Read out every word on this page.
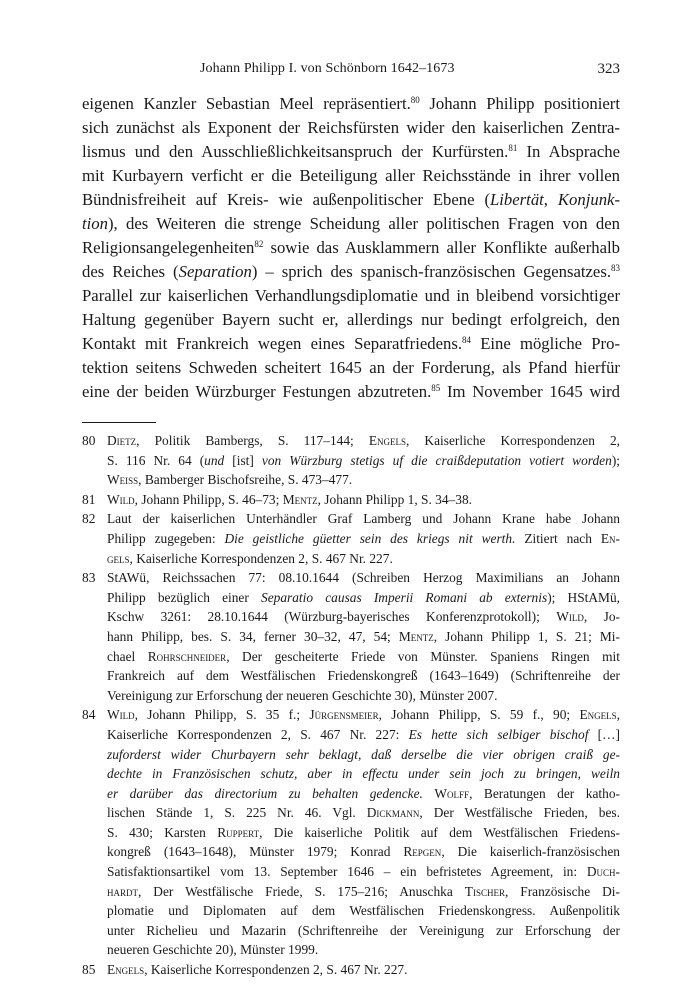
Johann Philipp I. von Schönborn 1642–1673	323
eigenen Kanzler Sebastian Meel repräsentiert.$^{80}$ Johann Philipp positioniert
sich zunächst als Exponent der Reichsfürsten wider den kaiserlichen Zentra-
lismus und den Ausschließlichkeitsanspruch der Kurfürsten.$^{81}$ In Absprache
mit Kurbayern verficht er die Beteiligung aller Reichsstände in ihrer vollen
Bündnisfreiheit auf Kreis- wie außenpolitischer Ebene (Libertät, Konjunk-
tion), des Weiteren die strenge Scheidung aller politischen Fragen von den
Religionsangelegenheiten$^{82}$ sowie das Ausklammern aller Konflikte außerhalb
des Reiches (Separation) – sprich des spanisch-französischen Gegensatzes.$^{83}$
Parallel zur kaiserlichen Verhandlungsdiplomatie und in bleibend vorsichtiger
Haltung gegenüber Bayern sucht er, allerdings nur bedingt erfolgreich, den
Kontakt mit Frankreich wegen eines Separatfriedens.$^{84}$ Eine mögliche Pro-
tektion seitens Schweden scheitert 1645 an der Forderung, als Pfand hierfür
eine der beiden Würzburger Festungen abzutreten.$^{85}$ Im November 1645 wird
80 Dietz, Politik Bambergs, S. 117–144; Engels, Kaiserliche Korrespondenzen 2,
S. 116 Nr. 64 (und [ist] von Würzburg stetigs uf die craißdeputation votiert worden);
Weiss, Bamberger Bischofsreihe, S. 473–477.
81 Wild, Johann Philipp, S. 46–73; Mentz, Johann Philipp 1, S. 34–38.
82 Laut der kaiserlichen Unterhändler Graf Lamberg und Johann Krane habe Johann
Philipp zugegeben: Die geistliche güetter sein des kriegs nit werth. Zitiert nach En-
gels, Kaiserliche Korrespondenzen 2, S. 467 Nr. 227.
83 StAWü, Reichssachen 77: 08.10.1644 (Schreiben Herzog Maximilians an Johann
Philipp bezüglich einer Separatio causas Imperii Romani ab externis); HStAMü,
Kschw 3261: 28.10.1644 (Würzburg-bayerisches Konferenzprotokoll); Wild, Jo-
hann Philipp, bes. S. 34, ferner 30–32, 47, 54; Mentz, Johann Philipp 1, S. 21; Mi-
chael Rohrschneider, Der gescheiterte Friede von Münster. Spaniens Ringen mit
Frankreich auf dem Westfälischen Friedenskongreß (1643–1649) (Schriftenreihe der
Vereinigung zur Erforschung der neueren Geschichte 30), Münster 2007.
84 Wild, Johann Philipp, S. 35 f.; Jürgensmeier, Johann Philipp, S. 59 f., 90; Engels,
Kaiserliche Korrespondenzen 2, S. 467 Nr. 227: Es hette sich selbiger bischof […]
zuforderst wider Churbayern sehr beklagt, daß derselbe die vier obrigen craiß ge-
dechte in Französischen schutz, aber in effectu under sein joch zu bringen, weiln
er darüber das directorium zu behalten gedencke. Wolff, Beratungen der katho-
lischen Stände 1, S. 225 Nr. 46. Vgl. Dickmann, Der Westfälische Frieden, bes.
S. 430; Karsten Ruppert, Die kaiserliche Politik auf dem Westfälischen Friedens-
kongreß (1643–1648), Münster 1979; Konrad Repgen, Die kaiserlich-französischen
Satisfaktionsartikel vom 13. September 1646 – ein befristetes Agreement, in: Duch-
hardt, Der Westfälische Friede, S. 175–216; Anuschka Tischer, Französische Di-
plomatie und Diplomaten auf dem Westfälischen Friedenskongress. Außenpolitik
unter Richelieu und Mazarin (Schriftenreihe der Vereinigung zur Erforschung der
neueren Geschichte 20), Münster 1999.
85 Engels, Kaiserliche Korrespondenzen 2, S. 467 Nr. 227.
